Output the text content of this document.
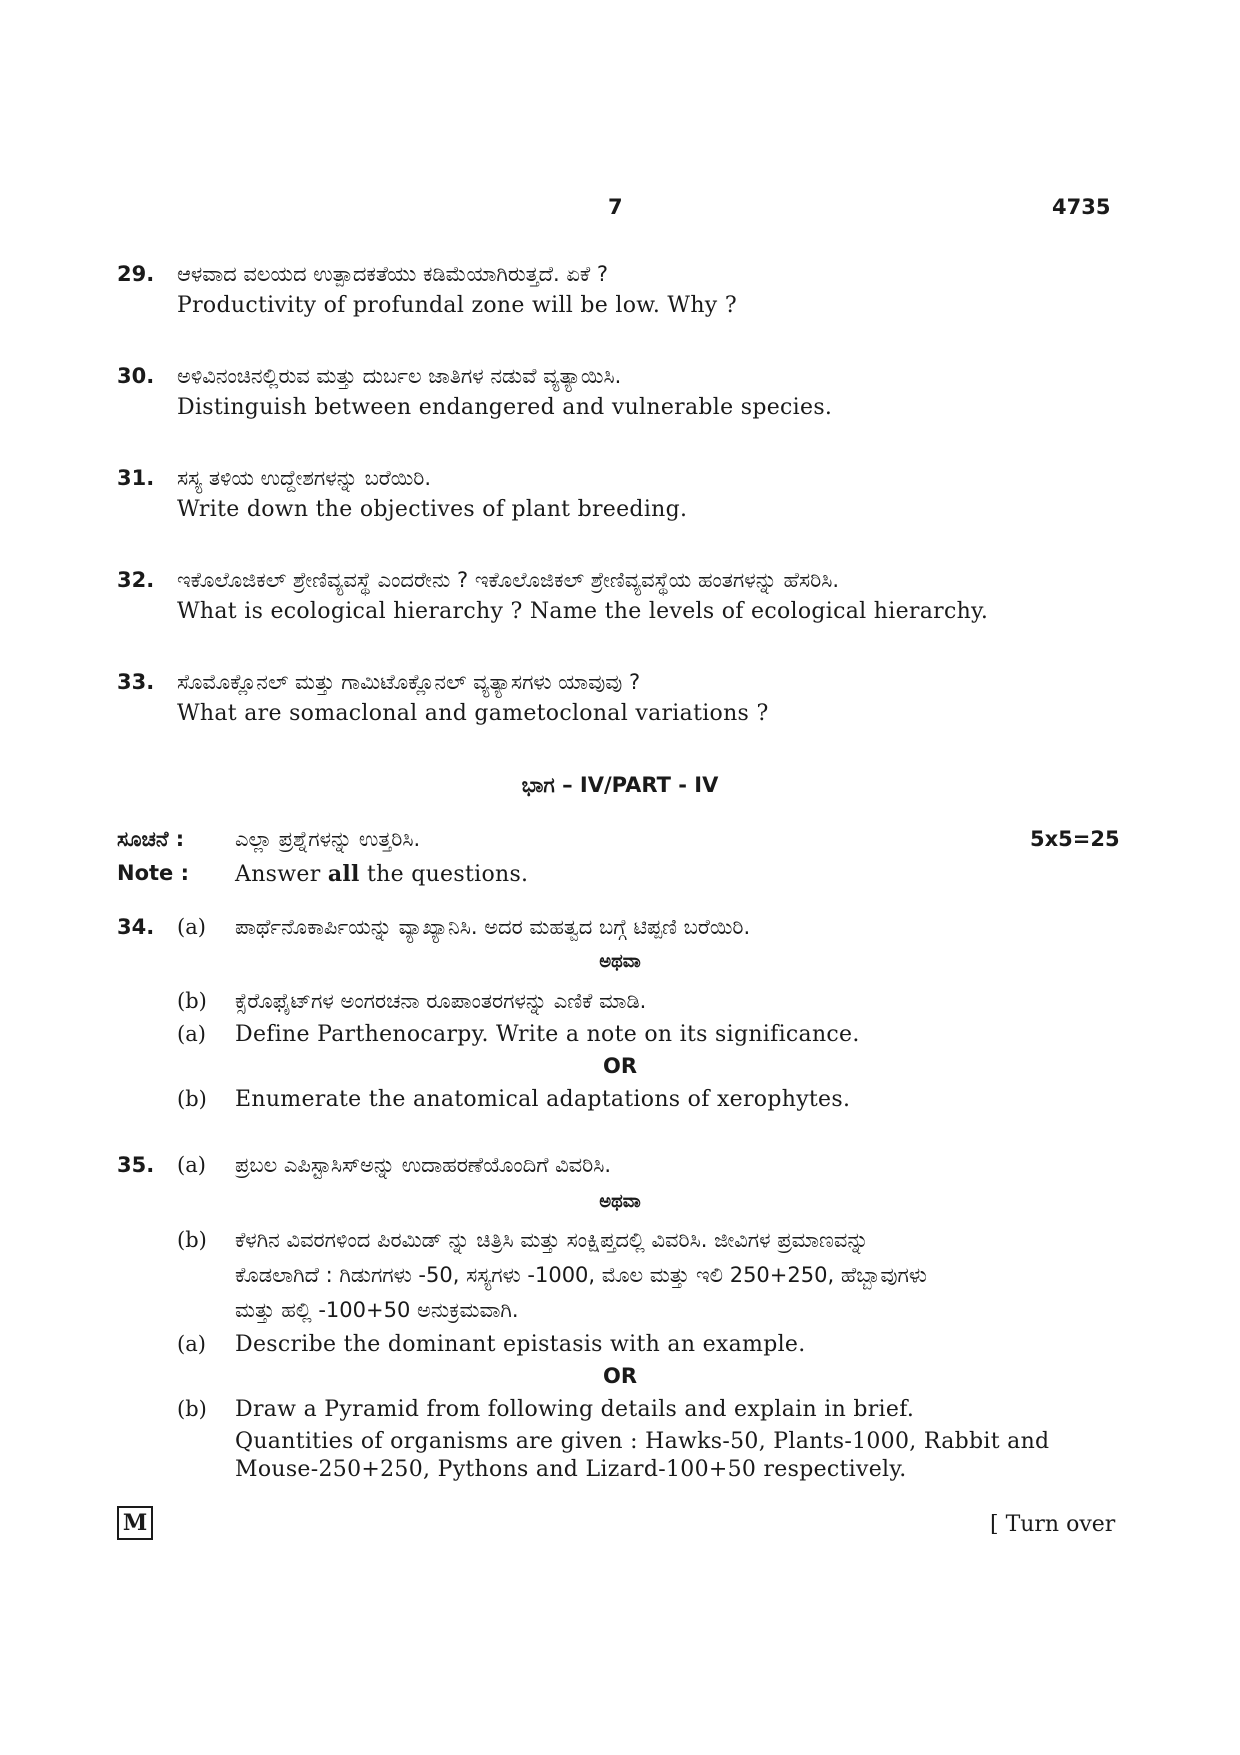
7	4735
29. ಆಳವಾದ ವಲಯದ ಉತ್ಪಾದಕತೆಯು ಕಡಿಮೆಯಾಗಿರುತ್ತದೆ. ಏಕೆ ?
Productivity of profundal zone will be low. Why ?
30. ಅಳಿವಿನಂಚಿನಲ್ಲಿರುವ ಮತ್ತು ದುರ್ಬಲ ಜಾತಿಗಳ ನಡುವೆ ವ್ಯತ್ಯಾಯಿಸಿ.
Distinguish between endangered and vulnerable species.
31. ಸಸ್ಯ ತಳಿಯ ಉದ್ದೇಶಗಳನ್ನು ಬರೆಯಿರಿ.
Write down the objectives of plant breeding.
32. ಇಕೊಲೊಜಿಕಲ್ ಶ್ರೇಣಿವ್ಯವಸ್ಥೆ ಎಂದರೇನು ? ಇಕೊಲೊಜಿಕಲ್ ಶ್ರೇಣಿವ್ಯವಸ್ಥೆಯ ಹಂತಗಳನ್ನು ಹೆಸರಿಸಿ.
What is ecological hierarchy ? Name the levels of ecological hierarchy.
33. ಸೊಮೊಕ್ಲೊನಲ್ ಮತ್ತು ಗಾಮಿಟೊಕ್ಲೊನಲ್ ವ್ಯತ್ಯಾಸಗಳು ಯಾವುವು ?
What are somaclonal and gametoclonal variations ?
ಭಾಗ – IV/PART - IV
ಸೂಚನೆ : ಎಲ್ಲಾ ಪ್ರಶ್ನೆಗಳನ್ನು ಉತ್ತರಿಸಿ.	5x5=25
Note : Answer all the questions.
34. (a) ಪಾರ್ಥೆನೊಕಾರ್ಪಿಯನ್ನು ವ್ಯಾಖ್ಯಾನಿಸಿ. ಅದರ ಮಹತ್ವದ ಬಗ್ಗೆ ಟಿಪ್ಪಣಿ ಬರೆಯಿರಿ.
ಅಥವಾ
(b) ಕ್ಸೆರೊಫೈಟ್‌ಗಳ ಅಂಗರಚನಾ ರೂಪಾಂತರಗಳನ್ನು ಎಣಿಕೆ ಮಾಡಿ.
(a) Define Parthenocarpy. Write a note on its significance.
OR
(b) Enumerate the anatomical adaptations of xerophytes.
35. (a) ಪ್ರಬಲ ಎಪಿಸ್ಟಾಸಿಸ್‌ಅನ್ನು ಉದಾಹರಣೆಯೊಂದಿಗೆ ವಿವರಿಸಿ.
ಅಥವಾ
(b) ಕೆಳಗಿನ ವಿವರಗಳಿಂದ ಪಿರಮಿಡ್ ನ್ನು ಚಿತ್ರಿಸಿ ಮತ್ತು ಸಂಕ್ಷಿಪ್ತದಲ್ಲಿ ವಿವರಿಸಿ. ಜೀವಿಗಳ ಪ್ರಮಾಣವನ್ನು
ಕೊಡಲಾಗಿದೆ : ಗಿಡುಗಗಳು -50, ಸಸ್ಯಗಳು -1000, ಮೊಲ ಮತ್ತು ಇಲಿ 250+250, ಹೆಬ್ಬಾವುಗಳು
ಮತ್ತು ಹಲ್ಲಿ -100+50 ಅನುಕ್ರಮವಾಗಿ.
(a) Describe the dominant epistasis with an example.
OR
(b) Draw a Pyramid from following details and explain in brief.
Quantities of organisms are given : Hawks-50, Plants-1000, Rabbit and
Mouse-250+250, Pythons and Lizard-100+50 respectively.
M	[ Turn over
